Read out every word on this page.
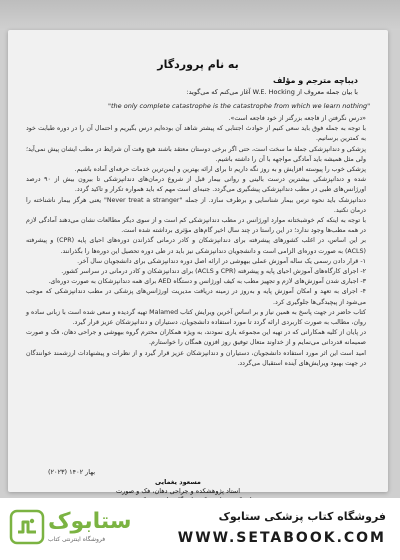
به نام پروردگار
دیباچه مترجم و مؤلف
با بیان جمله معروف از W.E. Hocking آغاز می‌کنم که می‌گوید:
"the only complete catastrophe is the catastrophe from which we learn nothing"

«درس نگرفتن از فاجعه بزرگتر از خود فاجعه است».

با توجه به جمله فوق باید سعی کنیم از حوادث اجتنابی که پیشتر شاهد آن بوده‌ایم درس بگیریم و احتمال آن را در دوره طبابت خود به کمترین برسانیم.

پزشکی و دندانپزشکی جملۀ ما سخت است، حتی اگر برخی دوستان معتقد باشند هیچ وقت آن شرایط در مطب ایشان پیش نمی‌آید؛ ولی مثل همیشه باید آمادگی مواجهه با آن را داشته باشیم.

پزشکی خوب را پیوسته افزایش و به روز نگه داریم تا برای ارائه بهترین و ایمن‌ترین خدمات حرفه‌ای آماده باشیم.

شده و دندانپزشکی بیشترین درست بالینی و روانی بیمار قبل از شروع درمان‌های دندانپزشکی تا بیرون بیش از ۹۰ درصد اورژانس‌های طبی در مطب دندانپزشکی پیشگیری می‌گردد. جنبه‌ای است مهم که باید همواره تکرار و تاکید گردد.

دندانپزشک باید نحوه ترس بیمار شناسایی و برطرف سازد. از جمله "Never treat a stranger" یعنی هرگز بیمار ناشناخته را درمان نکنید.

با توجه به اینکه کم خوشبختانه موارد اورژانس در مطب دندانپزشکی کم است و از سوی دیگر مطالعات نشان می‌دهند آمادگی لازم در همه مطب‌ها وجود ندارد؛ در این راستا در چند سال اخیر گام‌های مؤثری برداشته شده است.

بر این اساس، در اغلب کشورهای پیشرفته برای دندانپزشکان و کادر درمانی گذراندن دوره‌های احیای پایه (CPR) و پیشرفته (ACLS) به صورت دوره‌ای الزامی است و دانشجویان دندانپزشکی نیز باید در طی دوره تحصیل این دوره‌ها را بگذرانند.

۱- قرار دادن رسمی یک ساله آموزش عملی بیهوشی در ارائه اصل دوره دندانپزشکی برای دانشجویان سال آخر.

۲- اجرای کارگاه‌های آموزش احیای پایه و پیشرفته (CPR و ACLS) برای دندانپزشکان و کادر درمانی در سراسر کشور.

۳- اجباری شدن آموزش‌های لازم و تجهیز مطب به کیف اورژانس و دستگاه AED برای همه دندانپزشکان به صورت دوره‌ای.

۴- اجرای به تعهد و امکان آموزش پایه و به‌روز در زمینه دریافت مدیریت اورژانس‌های پزشکی در مطب دندانپزشکی که موجب می‌شود از پیچیدگی‌ها جلوگیری کرد.

کتاب حاضر در جهت پاسخ به همین نیاز و بر اساس آخرین ویرایش کتاب Malamed تهیه گردیده و سعی شده است با زبانی ساده و روان، مطالب به صورت کاربردی ارائه گردد تا مورد استفاده دانشجویان، دستیاران و دندانپزشکان عزیز قرار گیرد.

در پایان از کلیه همکارانی که در تهیه این مجموعه یاری نمودند، به ویژه همکاران محترم گروه بیهوشی و جراحی دهان، فک و صورت صمیمانه قدردانی می‌نمایم و از خداوند متعال توفیق روز افزون همگان را خواستارم.

امید است این اثر مورد استفاده دانشجویان، دستیاران و دندانپزشکان عزیز قرار گیرد و از نظرات و پیشنهادات ارزشمند خوانندگان در جهت بهبود ویرایش‌های آینده استقبال می‌گردد.

بهار ۱۴۰۲ (۲۰۲۳)
مسعود یغمایی
استاد پژوهشکده و جراحی دهان، فک و صورت
ستابوک
فروشگاه اینترنتی کتاب
فروشگاه کتاب پزشکی ستابوک
WWW.SETABOOK.COM
